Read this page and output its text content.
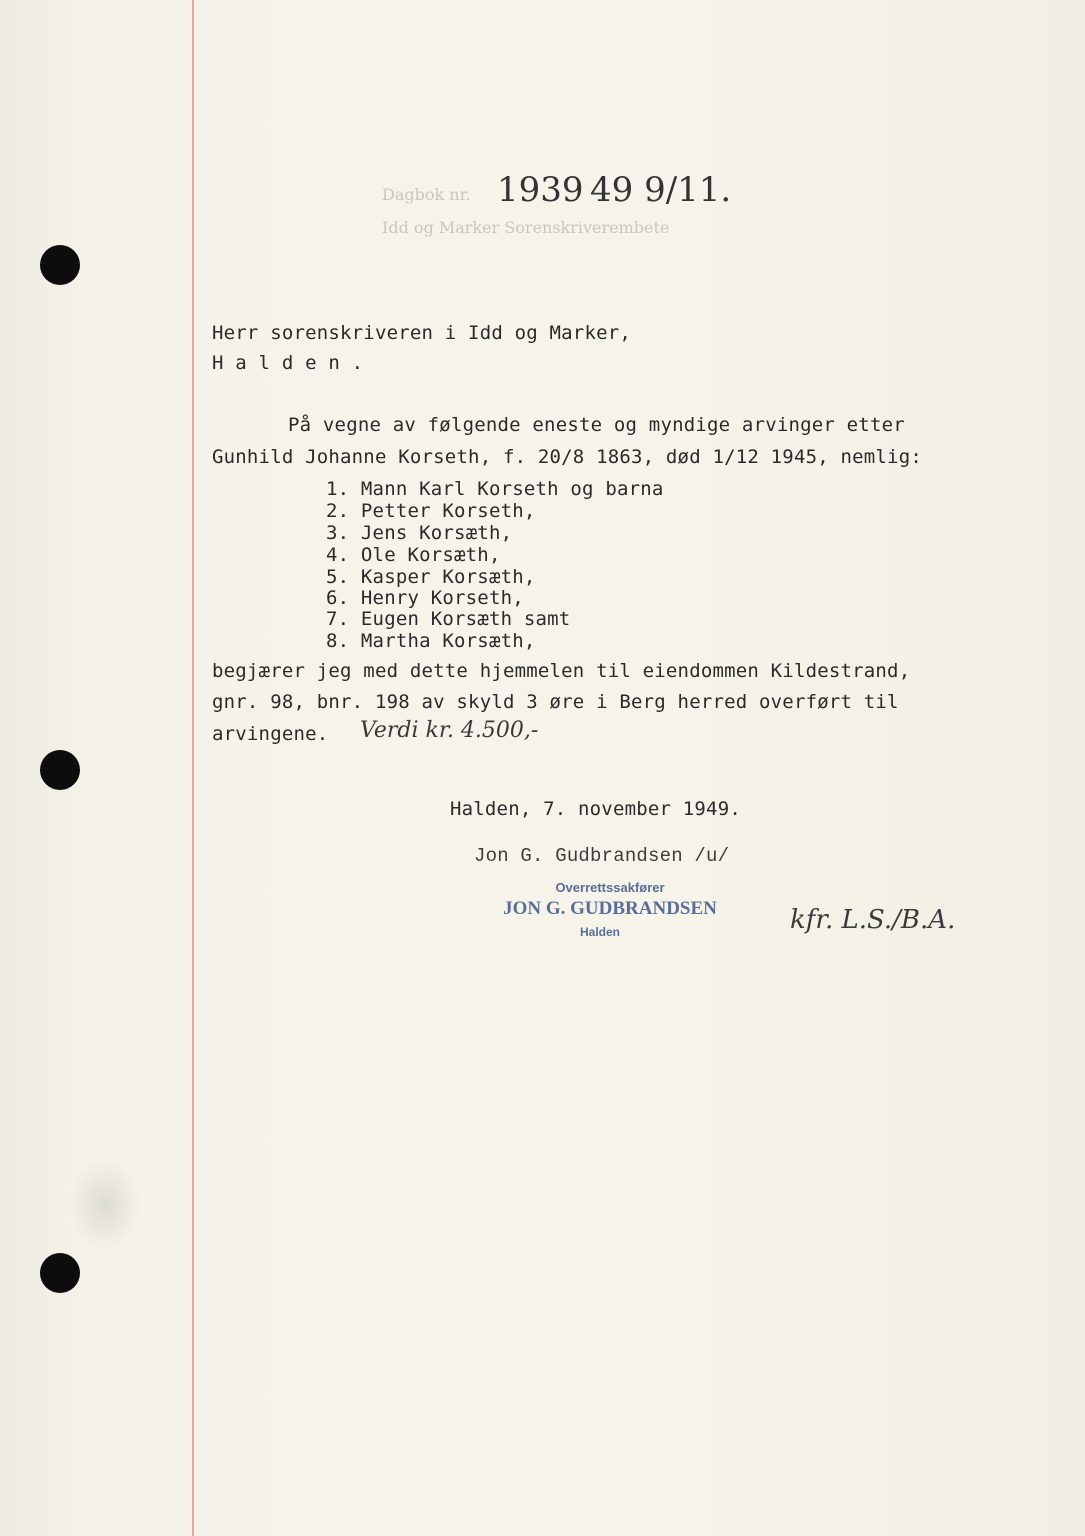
Dagbok nr.
Idd og Marker Sorenskriverembete
1939 49 9/11.
Herr sorenskriveren i Idd og Marker,
H a l d e n .
På vegne av følgende eneste og myndige arvinger etter
Gunhild Johanne Korseth, f. 20/8 1863, død 1/12 1945, nemlig:
1. Mann Karl Korseth og barna
2. Petter Korseth,
3. Jens Korsæth,
4. Ole Korsæth,
5. Kasper Korsæth,
6. Henry Korseth,
7. Eugen Korsæth samt
8. Martha Korsæth,
begjærer jeg med dette hjemmelen til eiendommen Kildestrand,
gnr. 98, bnr. 198 av skyld 3 øre i Berg herred overført til
arvingene. Verdi kr. 4.500,-
Halden, 7. november 1949.
Jon G. Gudbrandsen /u/
Overrettssakfører
JON G. GUDBRANDSEN
Halden	kfr. L.S./B.A.
